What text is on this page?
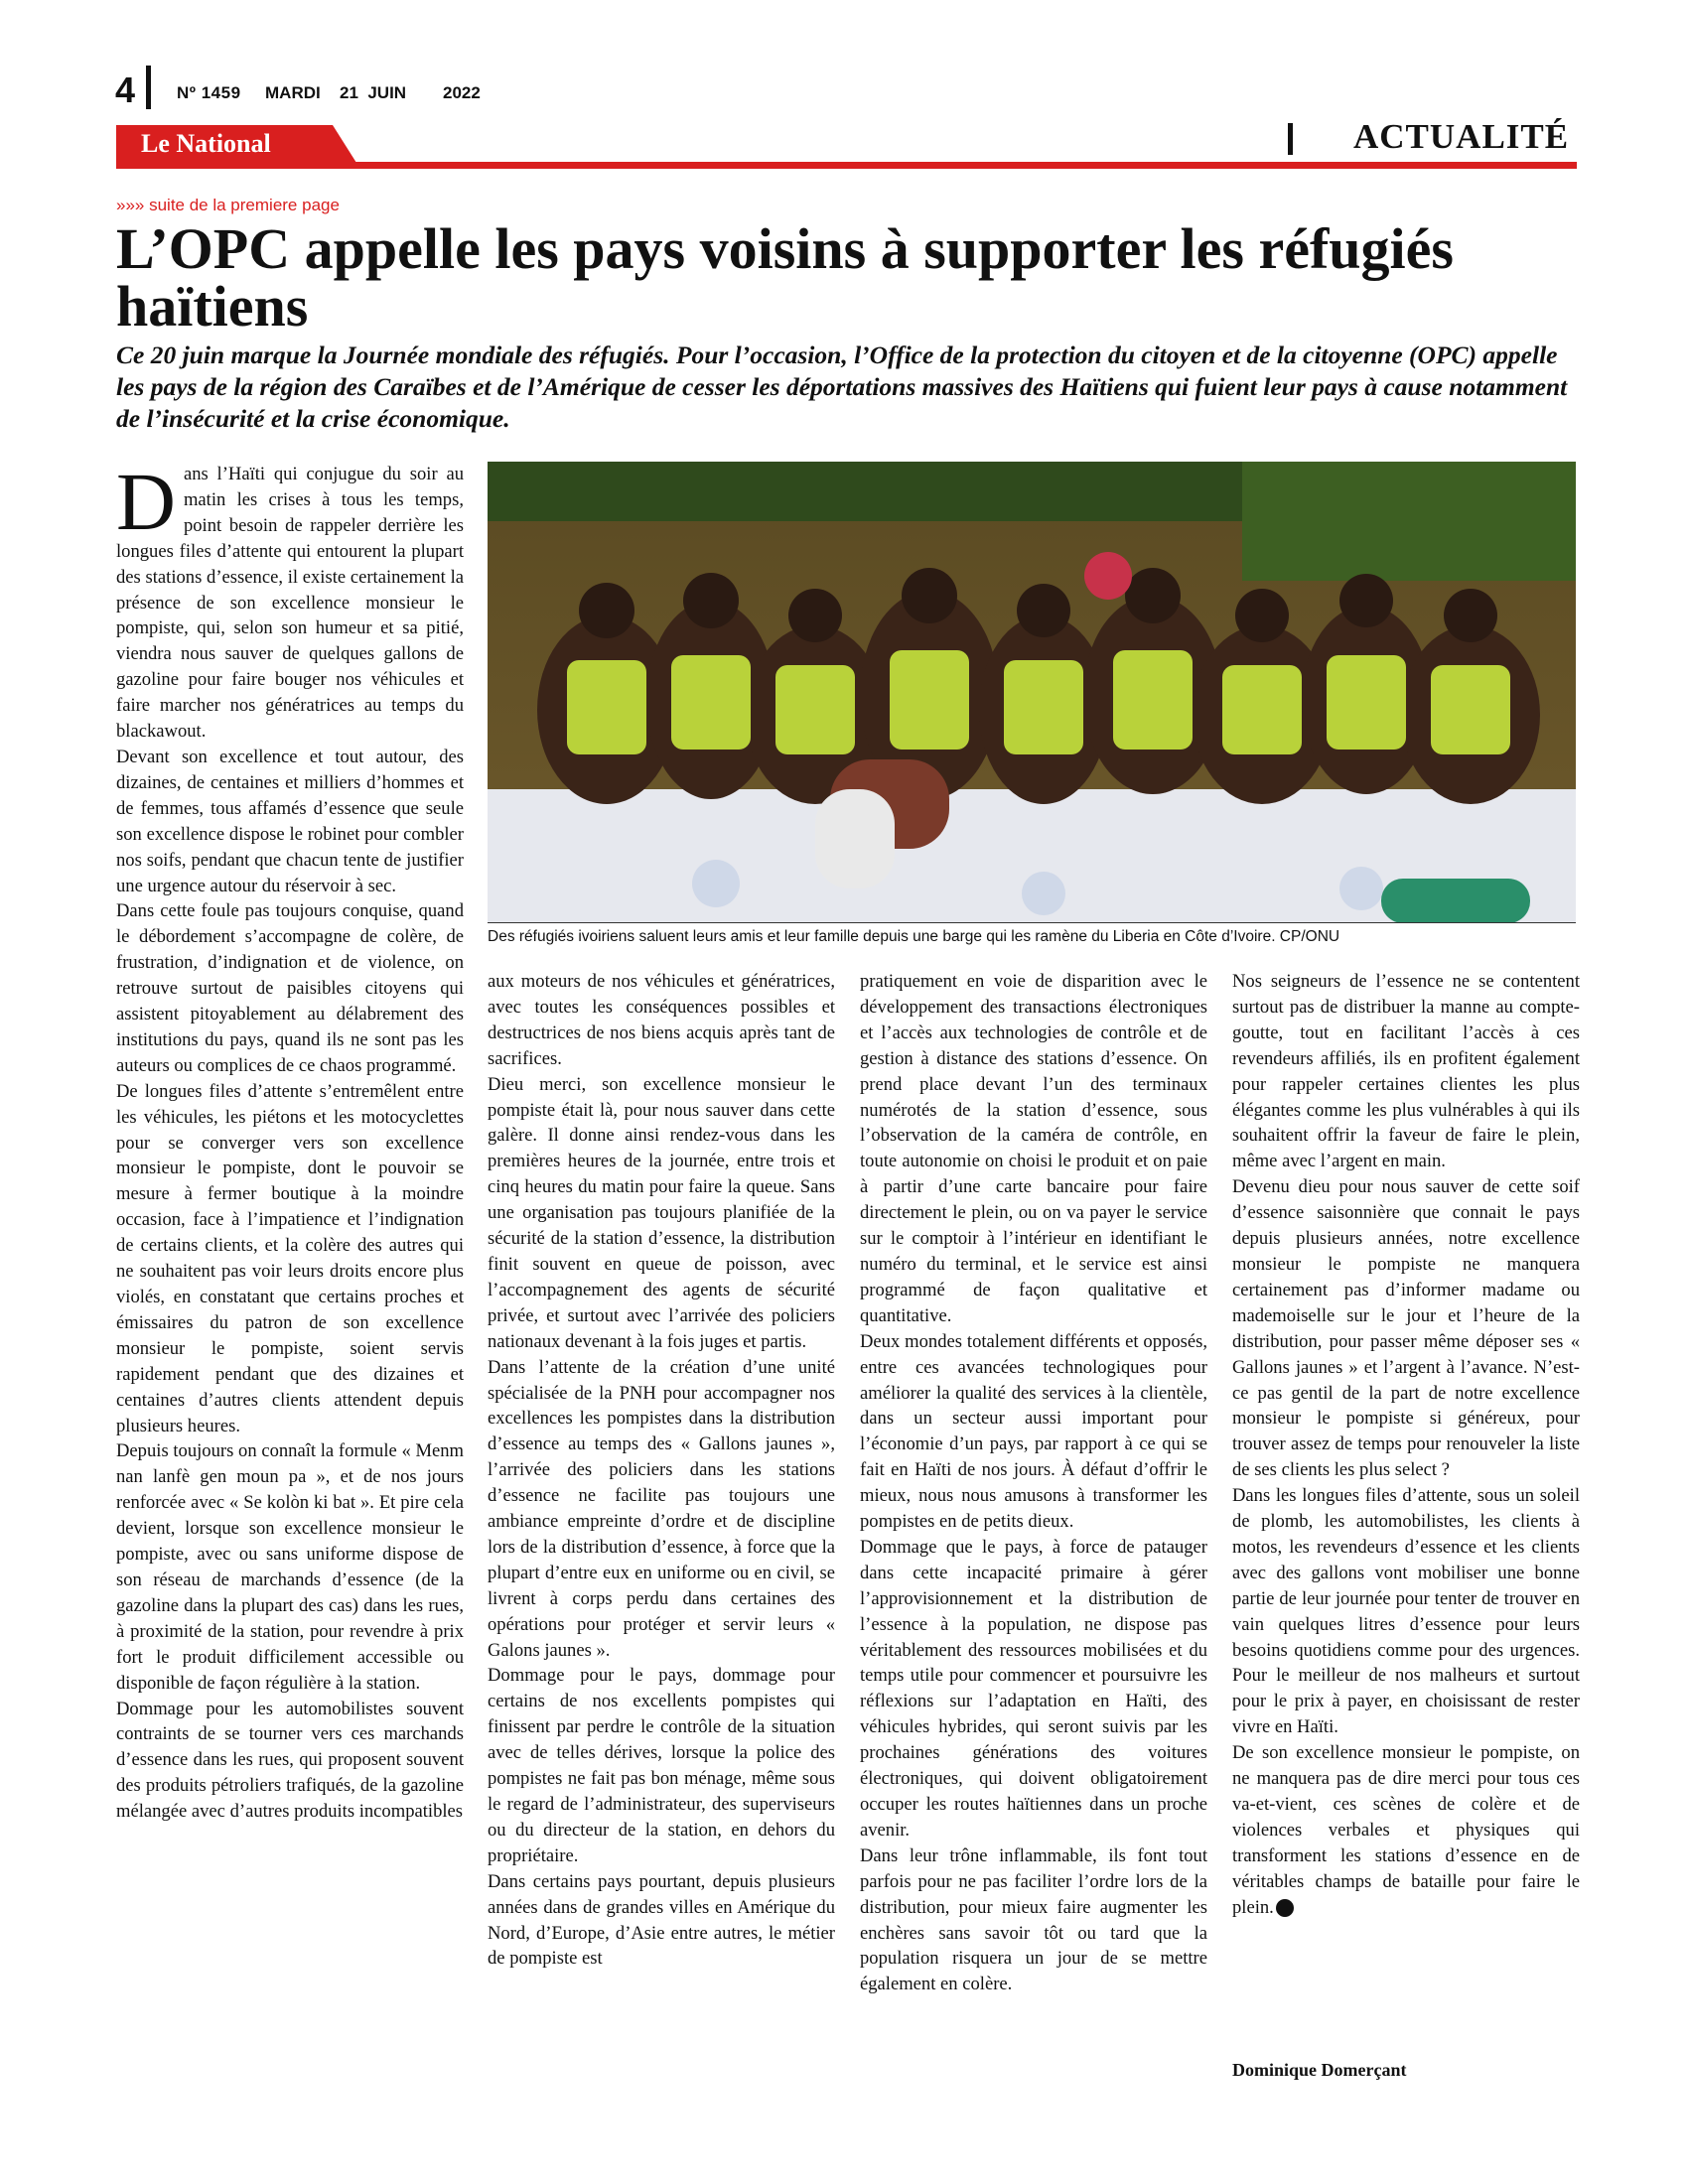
4 Nº 1459 MARDI 21  JUIN 2022
Le National	ACTUALITÉ
»»» suite de la premiere page
L’OPC appelle les pays voisins à supporter les réfugiés haïtiens

Ce 20 juin marque la Journée mondiale des réfugiés. Pour l’occasion, l’Office de la protection du citoyen et de la citoyenne (OPC) appelle les pays de la région des Caraïbes et de l’Amérique de cesser les déportations massives des Haïtiens qui fuient leur pays à cause notamment de l’insécurité et la crise économique.

Des réfugiés ivoiriens saluent leurs amis et leur famille depuis une barge qui les ramène du Liberia en Côte d’Ivoire. CP/ONU

Dans l’Haïti qui conjugue du soir au matin les crises à tous les temps, point besoin de rappeler derrière les longues files d’attente qui entourent la plupart des stations d’essence, il existe certainement la présence de son excellence monsieur le pompiste, qui, selon son humeur et sa pitié, viendra nous sauver de quelques gallons de gazoline pour faire bouger nos véhicules et faire marcher nos génératrices au temps du blackawout.

Devant son excellence et tout autour, des dizaines, de centaines et milliers d’hommes et de femmes, tous affamés d’essence que seule son excellence dispose le robinet pour combler nos soifs, pendant que chacun tente de justifier une urgence autour du réservoir à sec.

Dans cette foule pas toujours conquise, quand le débordement s’accompagne de colère, de frustration, d’indignation et de violence, on retrouve surtout de paisibles citoyens qui assistent pitoyablement au délabrement des institutions du pays, quand ils ne sont pas les auteurs ou complices de ce chaos programmé.

De longues files d’attente s’entremêlent entre les véhicules, les piétons et les motocyclettes pour se converger vers son excellence monsieur le pompiste, dont le pouvoir se mesure à fermer boutique à la moindre occasion, face à l’impatience et l’indignation de certains clients, et la colère des autres qui ne souhaitent pas voir leurs droits encore plus violés, en constatant que certains proches et émissaires du patron de son excellence monsieur le pompiste, soient servis rapidement pendant que des dizaines et centaines d’autres clients attendent depuis plusieurs heures.

Depuis toujours on connaît la formule « Menm nan lanfè gen moun pa », et de nos jours renforcée avec « Se kolòn ki bat ». Et pire cela devient, lorsque son excellence monsieur le pompiste, avec ou sans uniforme dispose de son réseau de marchands d’essence (de la gazoline dans la plupart des cas) dans les rues, à proximité de la station, pour revendre à prix fort le produit difficilement accessible ou disponible de façon régulière à la station.

Dommage pour les automobilistes souvent contraints de se tourner vers ces marchands d’essence dans les rues, qui proposent souvent des produits pétroliers trafiqués, de la gazoline mélangée avec d’autres produits incompatibles

aux moteurs de nos véhicules et génératrices, avec toutes les conséquences possibles et destructrices de nos biens acquis après tant de sacrifices.

Dieu merci, son excellence monsieur le pompiste était là, pour nous sauver dans cette galère. Il donne ainsi rendez-vous dans les premières heures de la journée, entre trois et cinq heures du matin pour faire la queue. Sans une organisation pas toujours planifiée de la sécurité de la station d’essence, la distribution finit souvent en queue de poisson, avec l’accompagnement des agents de sécurité privée, et surtout avec l’arrivée des policiers nationaux devenant à la fois juges et partis.

Dans l’attente de la création d’une unité spécialisée de la PNH pour accompagner nos excellences les pompistes dans la distribution d’essence au temps des « Gallons jaunes », l’arrivée des policiers dans les stations d’essence ne facilite pas toujours une ambiance empreinte d’ordre et de discipline lors de la distribution d’essence, à force que la plupart d’entre eux en uniforme ou en civil, se livrent à corps perdu dans certaines des opérations pour protéger et servir leurs « Galons jaunes ».

Dommage pour le pays, dommage pour certains de nos excellents pompistes qui finissent par perdre le contrôle de la situation avec de telles dérives, lorsque la police des pompistes ne fait pas bon ménage, même sous le regard de l’administrateur, des superviseurs ou du directeur de la station, en dehors du propriétaire.

Dans certains pays pourtant, depuis plusieurs années dans de grandes villes en Amérique du Nord, d’Europe, d’Asie entre autres, le métier de pompiste est

pratiquement en voie de disparition avec le développement des transactions électroniques et l’accès aux technologies de contrôle et de gestion à distance des stations d’essence. On prend place devant l’un des terminaux numérotés de la station d’essence, sous l’observation de la caméra de contrôle, en toute autonomie on choisi le produit et on paie à partir d’une carte bancaire pour faire directement le plein, ou on va payer le service sur le comptoir à l’intérieur en identifiant le numéro du terminal, et le service est ainsi programmé de façon qualitative et quantitative.

Deux mondes totalement différents et opposés, entre ces avancées technologiques pour améliorer la qualité des services à la clientèle, dans un secteur aussi important pour l’économie d’un pays, par rapport à ce qui se fait en Haïti de nos jours. À défaut d’offrir le mieux, nous nous amusons à transformer les pompistes en de petits dieux.

Dommage que le pays, à force de patauger dans cette incapacité primaire à gérer l’approvisionnement et la distribution de l’essence à la population, ne dispose pas véritablement des ressources mobilisées et du temps utile pour commencer et poursuivre les réflexions sur l’adaptation en Haïti, des véhicules hybrides, qui seront suivis par les prochaines générations des voitures électroniques, qui doivent obligatoirement occuper les routes haïtiennes dans un proche avenir.

Dans leur trône inflammable, ils font tout parfois pour ne pas faciliter l’ordre lors de la distribution, pour mieux faire augmenter les enchères sans savoir tôt ou tard que la population risquera un jour de se mettre également en colère.

Nos seigneurs de l’essence ne se contentent surtout pas de distribuer la manne au compte-goutte, tout en facilitant l’accès à ces revendeurs affiliés, ils en profitent également pour rappeler certaines clientes les plus élégantes comme les plus vulnérables à qui ils souhaitent offrir la faveur de faire le plein, même avec l’argent en main.

Devenu dieu pour nous sauver de cette soif d’essence saisonnière que connait le pays depuis plusieurs années, notre excellence monsieur le pompiste ne manquera certainement pas d’informer madame ou mademoiselle sur le jour et l’heure de la distribution, pour passer même déposer ses « Gallons jaunes » et l’argent à l’avance. N’est-ce pas gentil de la part de notre excellence monsieur le pompiste si généreux, pour trouver assez de temps pour renouveler la liste de ses clients les plus select ?

Dans les longues files d’attente, sous un soleil de plomb, les automobilistes, les clients à motos, les revendeurs d’essence et les clients avec des gallons vont mobiliser une bonne partie de leur journée pour tenter de trouver en vain quelques litres d’essence pour leurs besoins quotidiens comme pour des urgences. Pour le meilleur de nos malheurs et surtout pour le prix à payer, en choisissant de rester vivre en Haïti.

De son excellence monsieur le pompiste, on ne manquera pas de dire merci pour tous ces va-et-vient, ces scènes de colère et de violences verbales et physiques qui transforment les stations d’essence en de véritables champs de bataille pour faire le plein.

Dominique Domerçant
